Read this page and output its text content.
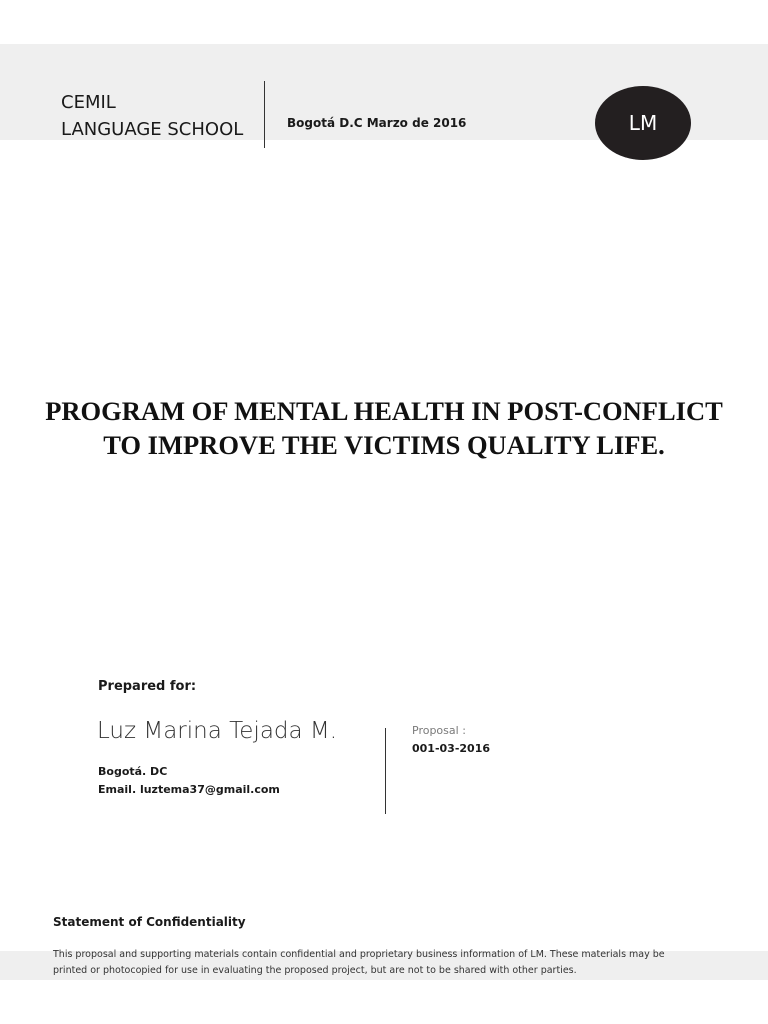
CEMIL
LANGUAGE SCHOOL	Bogotá D.C Marzo de 2016	LM
PROGRAM OF MENTAL HEALTH IN POST-CONFLICT
TO IMPROVE THE VICTIMS QUALITY LIFE.
Prepared for:
Luz Marina Tejada M.
Bogotá. DC
Email. luztema37@gmail.com
Proposal :
001-03-2016
Statement of Confidentiality
This proposal and supporting materials contain confidential and proprietary business information of LM. These materials may be printed or photocopied for use in evaluating the proposed project, but are not to be shared with other parties.
